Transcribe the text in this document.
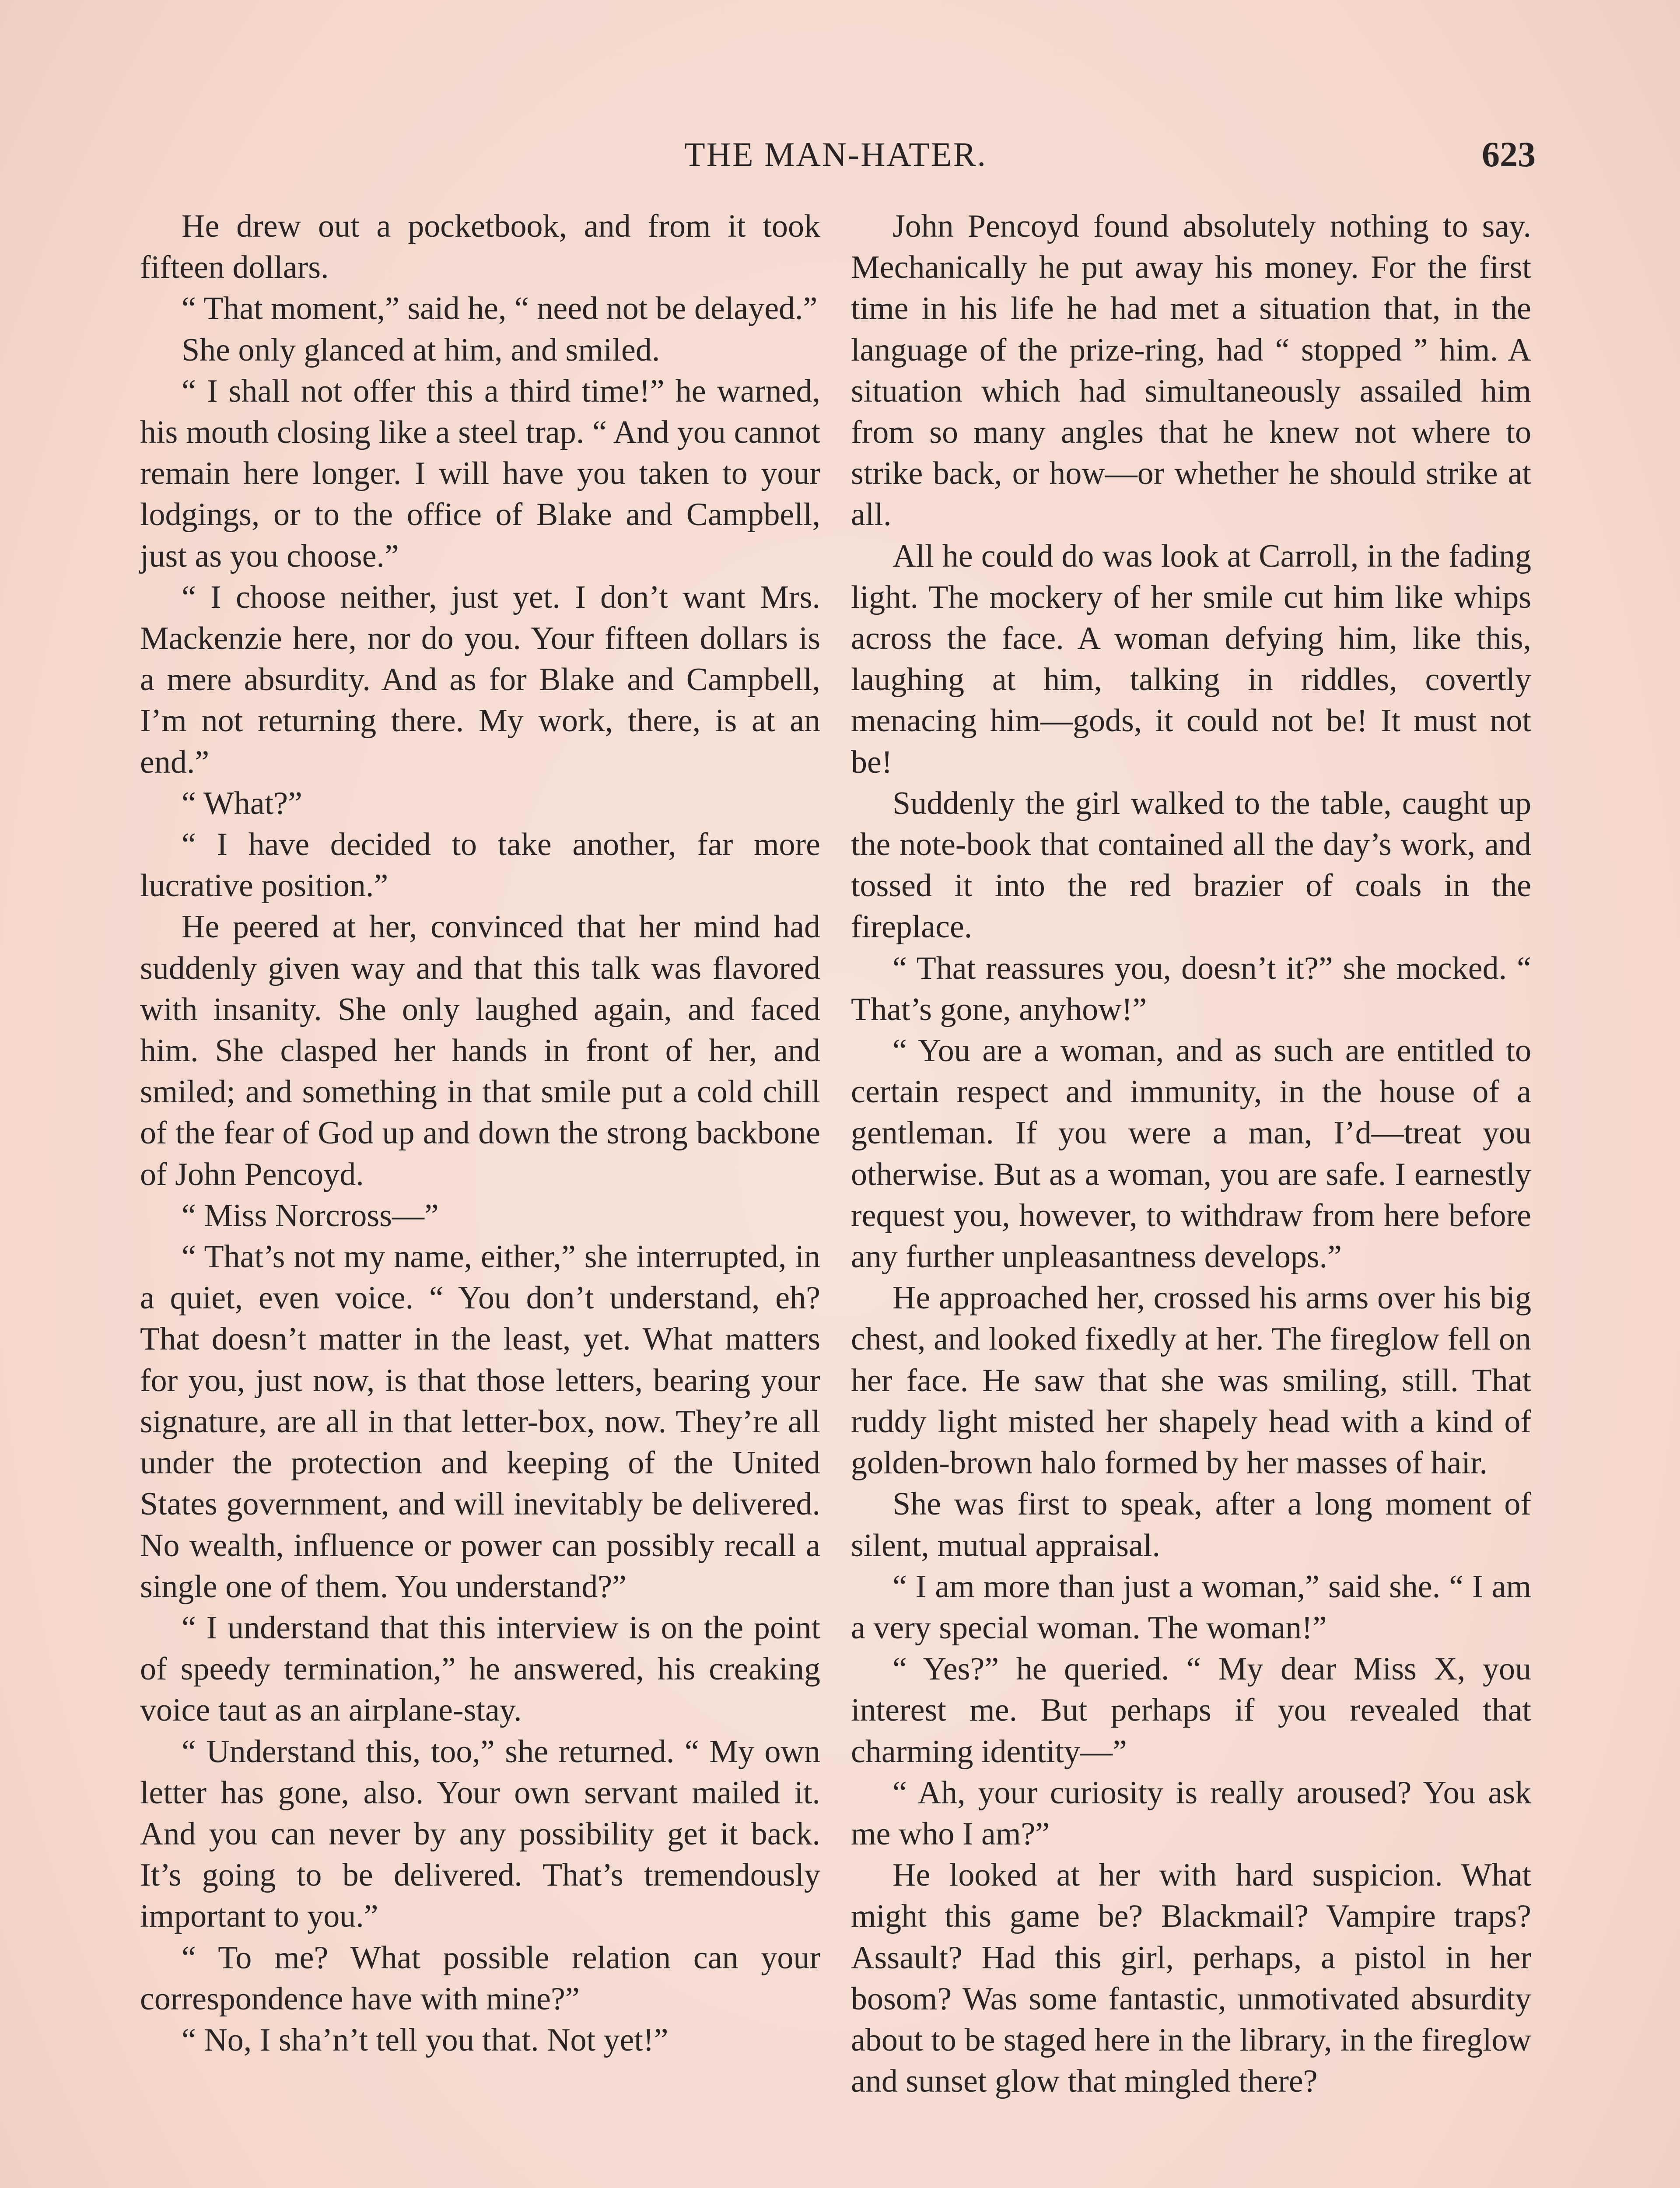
THE MAN-HATER.	623

He drew out a pocketbook, and from it took fifteen dollars.

“ That moment,” said he, “ need not be delayed.”

She only glanced at him, and smiled.

“ I shall not offer this a third time!” he warned, his mouth closing like a steel trap. “ And you cannot remain here longer. I will have you taken to your lodgings, or to the office of Blake and Campbell, just as you choose.”

“ I choose neither, just yet. I don’t want Mrs. Mackenzie here, nor do you. Your fifteen dollars is a mere absurdity. And as for Blake and Campbell, I’m not returning there. My work, there, is at an end.”

“ What?”

“ I have decided to take another, far more lucrative position.”

He peered at her, convinced that her mind had suddenly given way and that this talk was flavored with insanity. She only laughed again, and faced him. She clasped her hands in front of her, and smiled; and something in that smile put a cold chill of the fear of God up and down the strong backbone of John Pencoyd.

“ Miss Norcross—”

“ That’s not my name, either,” she interrupted, in a quiet, even voice. “ You don’t understand, eh? That doesn’t matter in the least, yet. What matters for you, just now, is that those letters, bearing your signature, are all in that letter-box, now. They’re all under the protection and keeping of the United States government, and will inevitably be delivered. No wealth, influence or power can possibly recall a single one of them. You understand?”

“ I understand that this interview is on the point of speedy termination,” he answered, his creaking voice taut as an airplane-stay.

“ Understand this, too,” she returned. “ My own letter has gone, also. Your own servant mailed it. And you can never by any possibility get it back. It’s going to be delivered. That’s tremendously important to you.”

“ To me? What possible relation can your correspondence have with mine?”

“ No, I sha’n’t tell you that. Not yet!”

John Pencoyd found absolutely nothing to say. Mechanically he put away his money. For the first time in his life he had met a situation that, in the language of the prize-ring, had “ stopped ” him. A situation which had simultaneously assailed him from so many angles that he knew not where to strike back, or how—or whether he should strike at all.

All he could do was look at Carroll, in the fading light. The mockery of her smile cut him like whips across the face. A woman defying him, like this, laughing at him, talking in riddles, covertly menacing him—gods, it could not be! It must not be!

Suddenly the girl walked to the table, caught up the note-book that contained all the day’s work, and tossed it into the red brazier of coals in the fireplace.

“ That reassures you, doesn’t it?” she mocked. “ That’s gone, anyhow!”

“ You are a woman, and as such are entitled to certain respect and immunity, in the house of a gentleman. If you were a man, I’d—treat you otherwise. But as a woman, you are safe. I earnestly request you, however, to withdraw from here before any further unpleasantness develops.”

He approached her, crossed his arms over his big chest, and looked fixedly at her. The fireglow fell on her face. He saw that she was smiling, still. That ruddy light misted her shapely head with a kind of golden-brown halo formed by her masses of hair.

She was first to speak, after a long moment of silent, mutual appraisal.

“ I am more than just a woman,” said she. “ I am a very special woman. The woman!”

“ Yes?” he queried. “ My dear Miss X, you interest me. But perhaps if you revealed that charming identity—”

“ Ah, your curiosity is really aroused? You ask me who I am?”

He looked at her with hard suspicion. What might this game be? Blackmail? Vampire traps? Assault? Had this girl, perhaps, a pistol in her bosom? Was some fantastic, unmotivated absurdity about to be staged here in the library, in the fireglow and sunset glow that mingled there?
